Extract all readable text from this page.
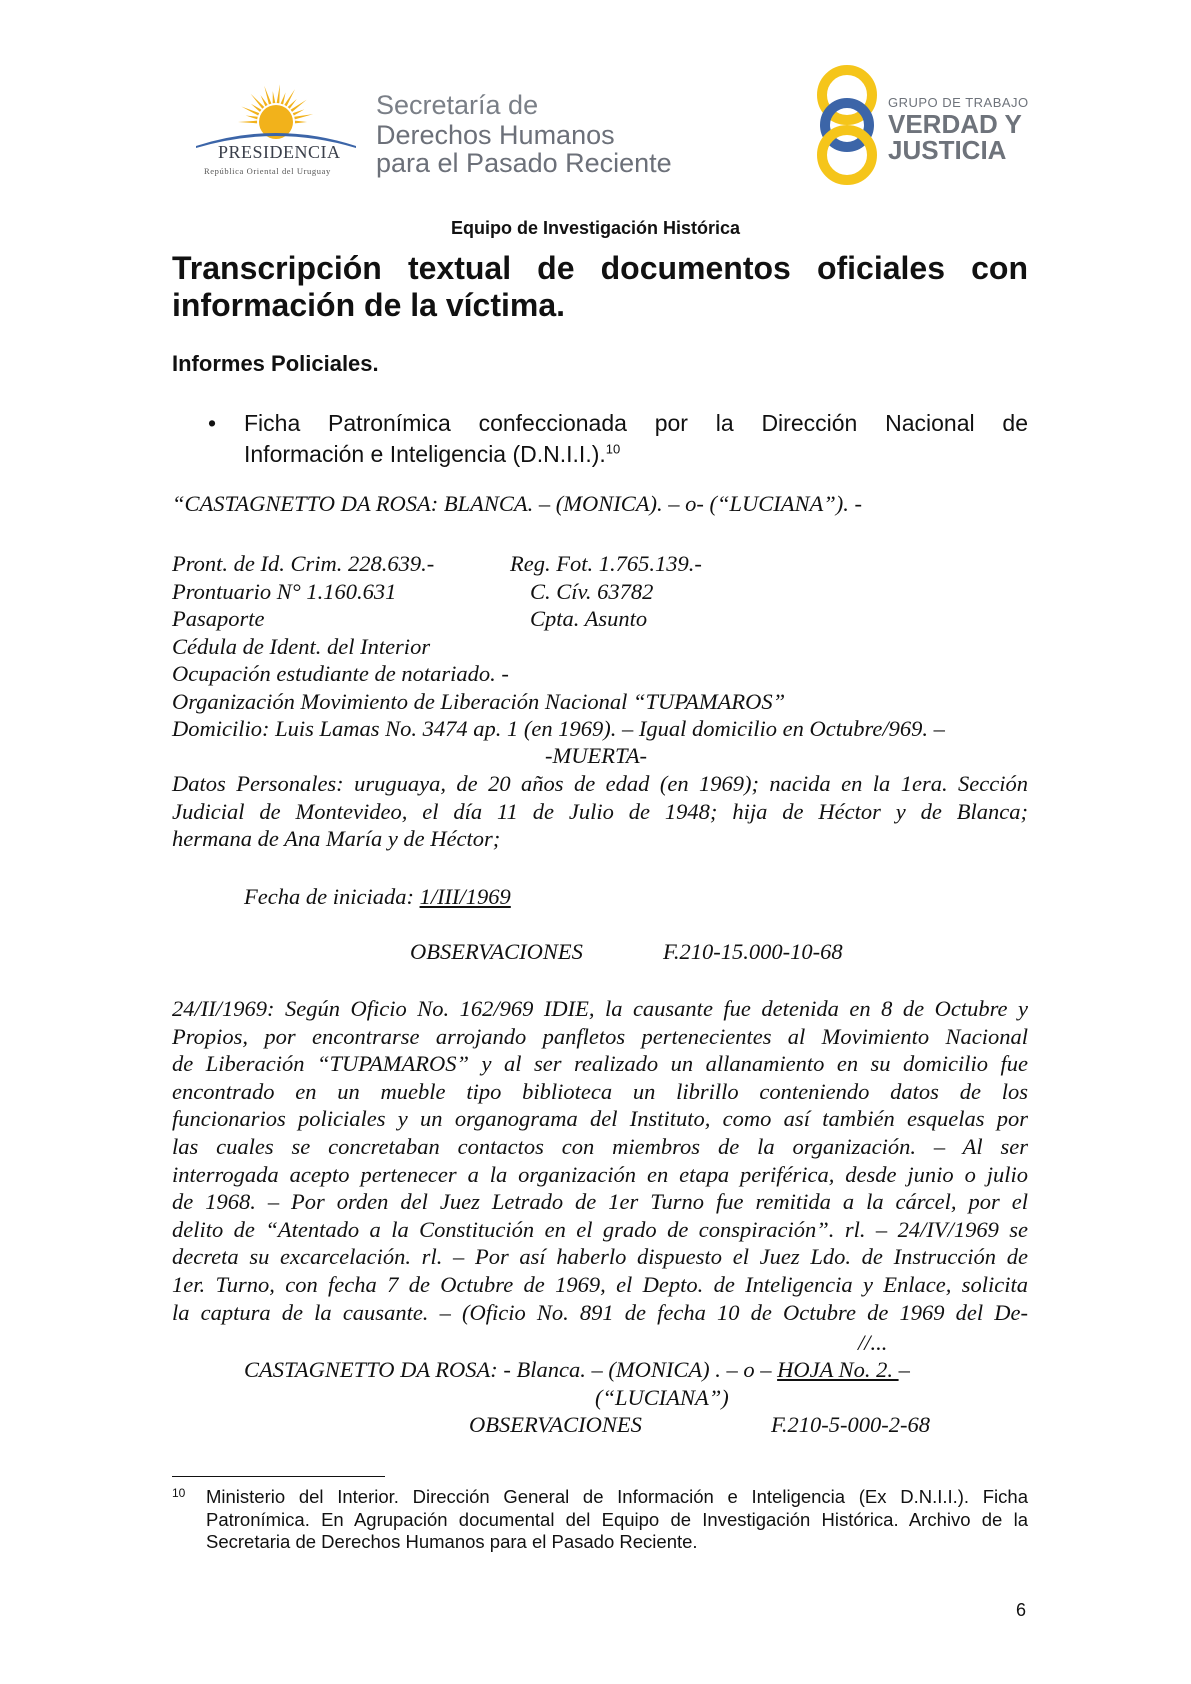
PRESIDENCIA
República Oriental del Uruguay
Secretaría de
Derechos Humanos
para el Pasado Reciente
GRUPO DE TRABAJO
VERDAD Y
JUSTICIA
Equipo de Investigación Histórica
Transcripción textual de documentos oficiales con
información de la víctima.
Informes Policiales.
• Ficha Patronímica confeccionada por la Dirección Nacional de
Información e Inteligencia (D.N.I.I.).$^{10}$
“CASTAGNETTO DA ROSA: BLANCA. – (MONICA). – o- (“LUCIANA”). -
Pront. de Id. Crim. 228.639.-
Prontuario N° 1.160.631
Pasaporte
Cédula de Ident. del Interior
Ocupación estudiante de notariado. -
Organización Movimiento de Liberación Nacional “TUPAMAROS”
Domicilio: Luis Lamas No. 3474 ap. 1 (en 1969). – Igual domicilio en Octubre/969. –
Reg. Fot. 1.765.139.-
C. Cív. 63782
Cpta. Asunto
-MUERTA-
Datos Personales: uruguaya, de 20 años de edad (en 1969); nacida en la 1era. Sección
Judicial de Montevideo, el día 11 de Julio de 1948; hija de Héctor y de Blanca;
hermana de Ana María y de Héctor;
Fecha de iniciada: 1/III/1969
OBSERVACIONES	F.210-15.000-10-68
24/II/1969: Según Oficio No. 162/969 IDIE, la causante fue detenida en 8 de Octubre y
Propios, por encontrarse arrojando panfletos pertenecientes al Movimiento Nacional
de Liberación “TUPAMAROS” y al ser realizado un allanamiento en su domicilio fue
encontrado en un mueble tipo biblioteca un librillo conteniendo datos de los
funcionarios policiales y un organograma del Instituto, como así también esquelas por
las cuales se concretaban contactos con miembros de la organización. – Al ser
interrogada acepto pertenecer a la organización en etapa periférica, desde junio o julio
de 1968. – Por orden del Juez Letrado de 1er Turno fue remitida a la cárcel, por el
delito de “Atentado a la Constitución en el grado de conspiración”. rl. – 24/IV/1969 se
decreta su excarcelación. rl. – Por así haberlo dispuesto el Juez Ldo. de Instrucción de
1er. Turno, con fecha 7 de Octubre de 1969, el Depto. de Inteligencia y Enlace, solicita
la captura de la causante. – (Oficio No. 891 de fecha 10 de Octubre de 1969 del De-
//...
CASTAGNETTO DA ROSA: - Blanca. – (MONICA) . – o – HOJA No. 2. –
(“LUCIANA”)
OBSERVACIONES	F.210-5-000-2-68
10 Ministerio del Interior. Dirección General de Información e Inteligencia (Ex D.N.I.I.). Ficha
Patronímica. En Agrupación documental del Equipo de Investigación Histórica. Archivo de la
Secretaria de Derechos Humanos para el Pasado Reciente.
6
